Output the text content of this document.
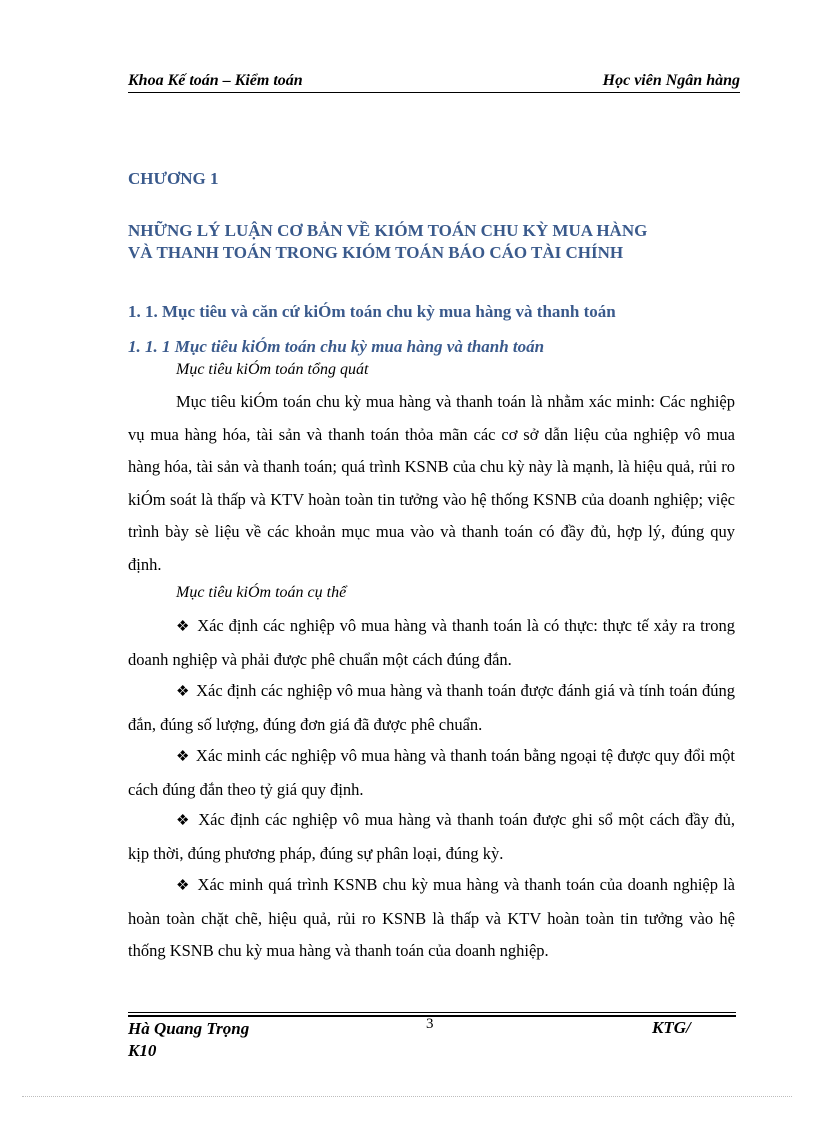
Khoa Kế toán – Kiểm toán	Học viên Ngân hàng
CHƯƠNG 1
NHỮNG LÝ LUẬN CƠ BẢN VỀ KIÓM TOÁN CHU KỲ MUA HÀNG
VÀ THANH TOÁN TRONG KIÓM TOÁN BÁO CÁO TÀI CHÍNH
1. 1. Mục tiêu và căn cứ kiÓm toán chu kỳ mua hàng và thanh toán
1. 1. 1 Mục tiêu kiÓm toán chu kỳ mua hàng và thanh toán
Mục tiêu kiÓm toán tổng quát
Mục tiêu kiÓm toán chu kỳ mua hàng và thanh toán là nhằm xác minh: Các nghiệp vụ mua hàng hóa, tài sản và thanh toán thỏa mãn các cơ sở dẫn liệu của nghiệp vô mua hàng hóa, tài sản và thanh toán; quá trình KSNB của chu kỳ này là mạnh, là hiệu quả, rủi ro kiÓm soát là thấp và KTV hoàn toàn tin tưởng vào hệ thống KSNB của doanh nghiệp; việc trình bày sè liệu về các khoản mục mua vào và thanh toán có đầy đủ, hợp lý, đúng quy định.
Mục tiêu kiÓm toán cụ thể
❖ Xác định các nghiệp vô mua hàng và thanh toán là có thực: thực tế xảy ra trong doanh nghiệp và phải được phê chuẩn một cách đúng đắn.
❖ Xác định các nghiệp vô mua hàng và thanh toán được đánh giá và tính toán đúng đắn, đúng số lượng, đúng đơn giá đã được phê chuẩn.
❖ Xác minh các nghiệp vô mua hàng và thanh toán bằng ngoại tệ được quy đổi một cách đúng đắn theo tỷ giá quy định.
❖ Xác định các nghiệp vô mua hàng và thanh toán được ghi sổ một cách đầy đủ, kịp thời, đúng phương pháp, đúng sự phân loại, đúng kỳ.
❖ Xác minh quá trình KSNB chu kỳ mua hàng và thanh toán của doanh nghiệp là hoàn toàn chặt chẽ, hiệu quả, rủi ro KSNB là thấp và KTV hoàn toàn tin tưởng vào hệ thống KSNB chu kỳ mua hàng và thanh toán của doanh nghiệp.
Hà Quang Trọng
K10
3	KTG/
